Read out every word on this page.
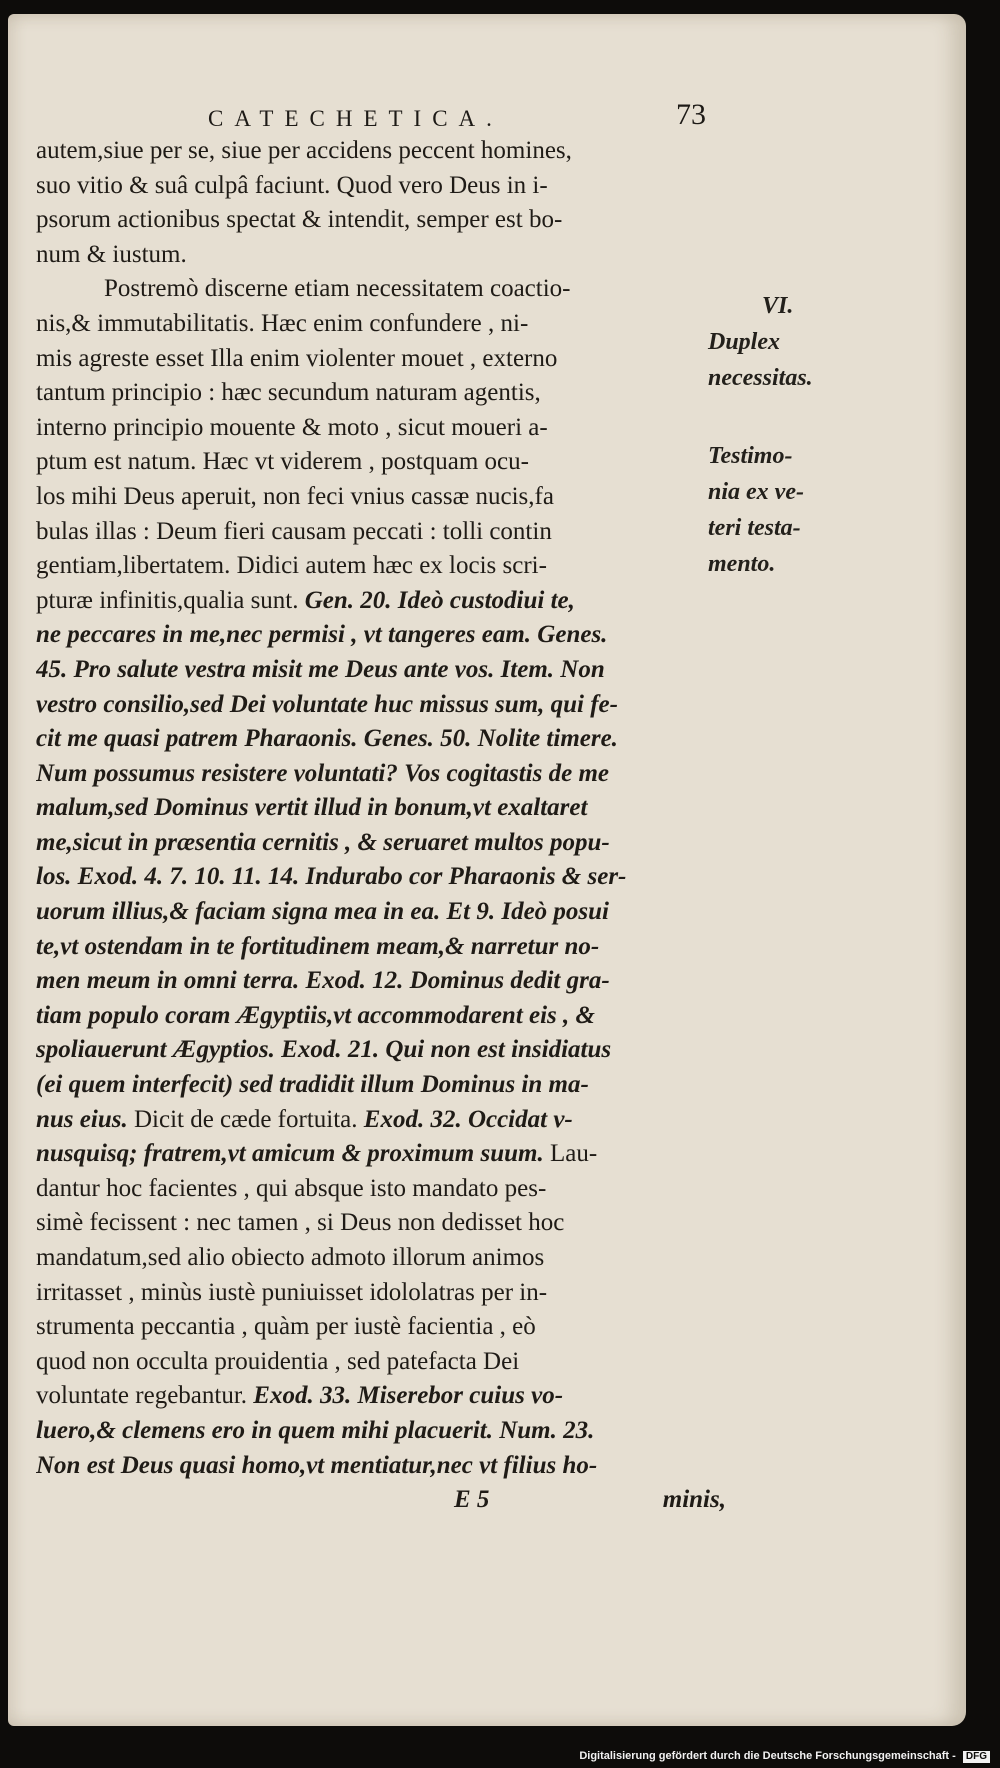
CATECHETICA.	73
autem,siue per se, siue per accidens peccent homines,
suo vitio & suâ culpâ faciunt. Quod vero Deus in i-
psorum actionibus spectat & intendit, semper est bo-
num & iustum.
Postremò discerne etiam necessitatem coactio-
nis,& immutabilitatis. Hæc enim confundere , ni-
mis agreste esset Illa enim violenter mouet , externo
tantum principio : hæc secundum naturam agentis,
interno principio mouente & moto , sicut moueri a-
ptum est natum. Hæc vt viderem , postquam ocu-
los mihi Deus aperuit, non feci vnius cassæ nucis,fa
bulas illas : Deum fieri causam peccati : tolli contin
gentiam,libertatem. Didici autem hæc ex locis scri-
pturæ infinitis,qualia sunt. Gen. 20. Ideò custodiui te,
ne peccares in me,nec permisi , vt tangeres eam. Genes.
45. Pro salute vestra misit me Deus ante vos. Item. Non
vestro consilio,sed Dei voluntate huc missus sum, qui fe-
cit me quasi patrem Pharaonis. Genes. 50. Nolite timere.
Num possumus resistere voluntati? Vos cogitastis de me
malum,sed Dominus vertit illud in bonum,vt exaltaret
me,sicut in præsentia cernitis , & seruaret multos popu-
los. Exod. 4. 7. 10. 11. 14. Indurabo cor Pharaonis & ser-
uorum illius,& faciam signa mea in ea. Et 9. Ideò posui
te,vt ostendam in te fortitudinem meam,& narretur no-
men meum in omni terra. Exod. 12. Dominus dedit gra-
tiam populo coram Ægyptiis,vt accommodarent eis , &
spoliauerunt Ægyptios. Exod. 21. Qui non est insidiatus
(ei quem interfecit) sed tradidit illum Dominus in ma-
nus eius. Dicit de cæde fortuita. Exod. 32. Occidat v-
nusquisq; fratrem,vt amicum & proximum suum. Lau-
dantur hoc facientes , qui absque isto mandato pes-
simè fecissent : nec tamen , si Deus non dedisset hoc
mandatum,sed alio obiecto admoto illorum animos
irritasset , minùs iustè puniuisset idololatras per in-
strumenta peccantia , quàm per iustè facientia , eò
quod non occulta prouidentia , sed patefacta Dei
voluntate regebantur. Exod. 33. Miserebor cuius vo-
luero,& clemens ero in quem mihi placuerit. Num. 23.
Non est Deus quasi homo,vt mentiatur,nec vt filius ho-
E 5	minis,
VI.
Duplex
necessitas.
Testimo-
nia ex ve-
teri testa-
mento.
Digitalisierung gefördert durch die Deutsche Forschungsgemeinschaft - DFG
